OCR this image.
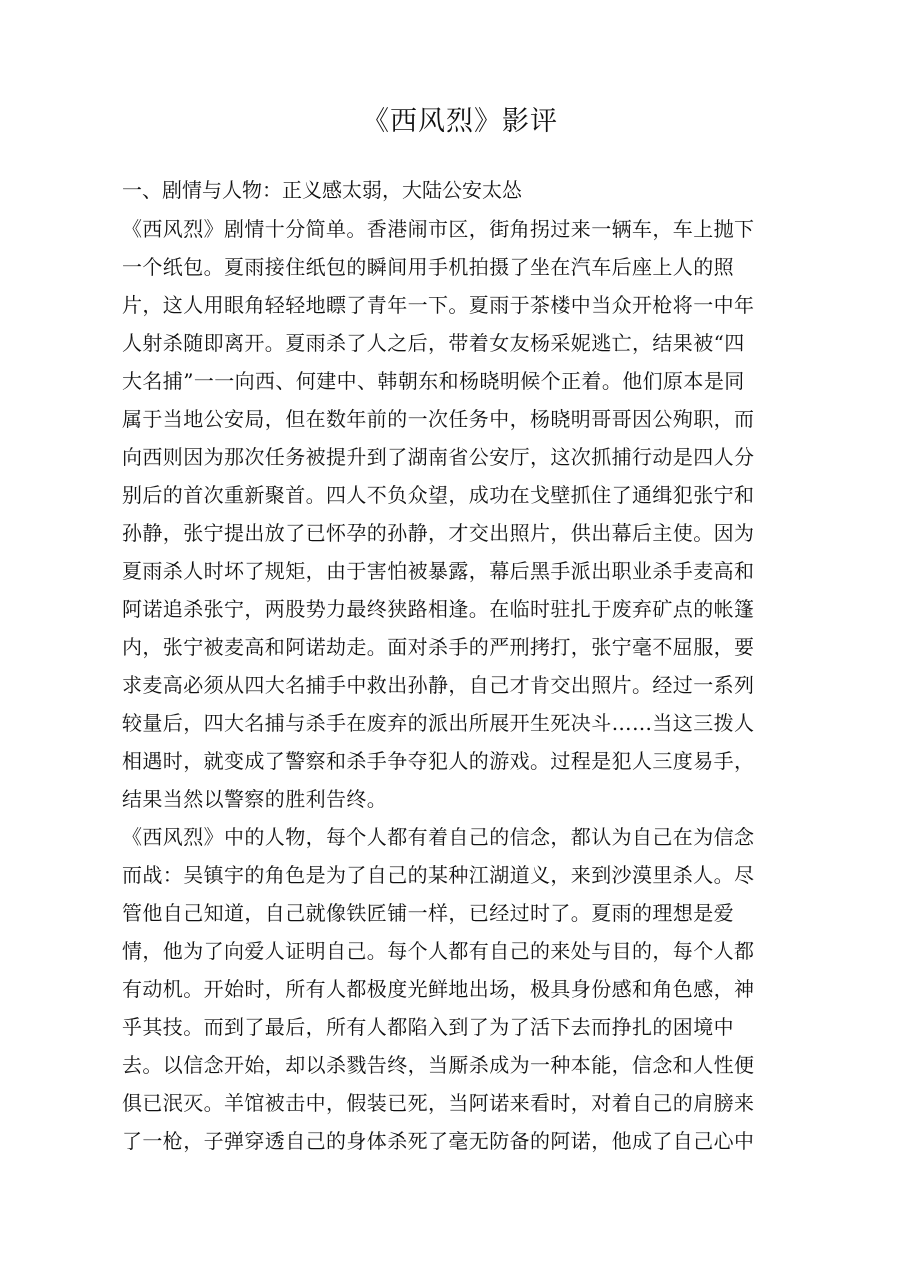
《西风烈》影评
一、剧情与人物：正义感太弱，大陆公安太怂
《西风烈》剧情十分简单。香港闹市区，街角拐过来一辆车，车上抛下
一个纸包。夏雨接住纸包的瞬间用手机拍摄了坐在汽车后座上人的照
片，这人用眼角轻轻地瞟了青年一下。夏雨于茶楼中当众开枪将一中年
人射杀随即离开。夏雨杀了人之后，带着女友杨采妮逃亡，结果被“四
大名捕”一一向西、何建中、韩朝东和杨晓明候个正着。他们原本是同
属于当地公安局，但在数年前的一次任务中，杨晓明哥哥因公殉职，而
向西则因为那次任务被提升到了湖南省公安厅，这次抓捕行动是四人分
别后的首次重新聚首。四人不负众望，成功在戈壁抓住了通缉犯张宁和
孙静，张宁提出放了已怀孕的孙静，才交出照片，供出幕后主使。因为
夏雨杀人时坏了规矩，由于害怕被暴露，幕后黑手派出职业杀手麦高和
阿诺追杀张宁，两股势力最终狭路相逢。在临时驻扎于废弃矿点的帐篷
内，张宁被麦高和阿诺劫走。面对杀手的严刑拷打，张宁毫不屈服，要
求麦高必须从四大名捕手中救出孙静，自己才肯交出照片。经过一系列
较量后，四大名捕与杀手在废弃的派出所展开生死决斗……当这三拨人
相遇时，就变成了警察和杀手争夺犯人的游戏。过程是犯人三度易手，
结果当然以警察的胜利告终。
《西风烈》中的人物，每个人都有着自己的信念，都认为自己在为信念
而战：吴镇宇的角色是为了自己的某种江湖道义，来到沙漠里杀人。尽
管他自己知道，自己就像铁匠铺一样，已经过时了。夏雨的理想是爱
情，他为了向爱人证明自己。每个人都有自己的来处与目的，每个人都
有动机。开始时，所有人都极度光鲜地出场，极具身份感和角色感，神
乎其技。而到了最后，所有人都陷入到了为了活下去而挣扎的困境中
去。以信念开始，却以杀戮告终，当厮杀成为一种本能，信念和人性便
俱已泯灭。羊馆被击中，假装已死，当阿诺来看时，对着自己的肩膀来
了一枪，子弹穿透自己的身体杀死了毫无防备的阿诺，他成了自己心中
